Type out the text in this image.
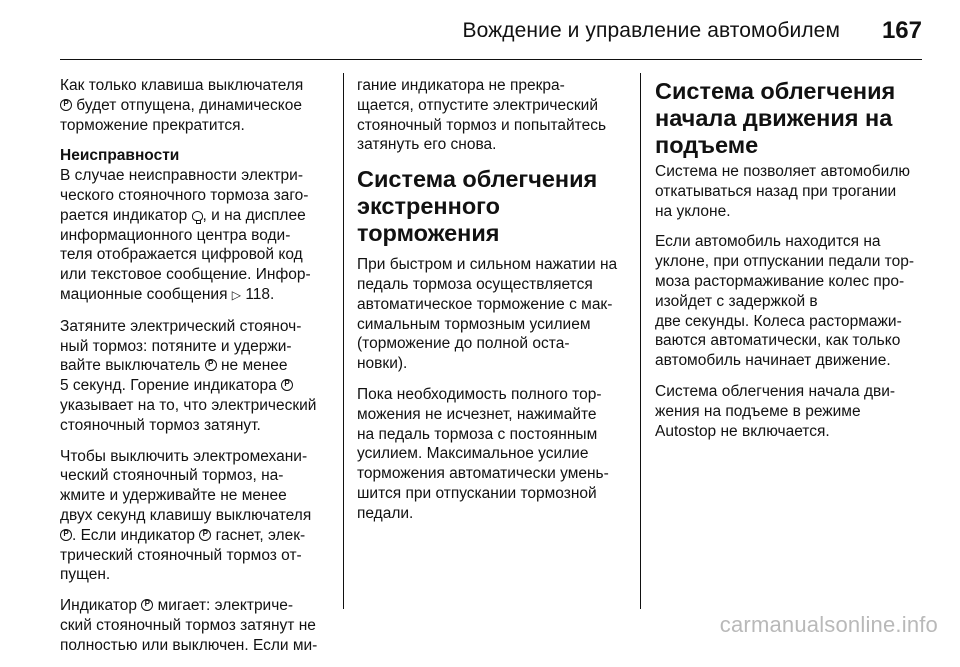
Вождение и управление автомобилем 167

Как только клавиша выключателя
P будет отпущена, динамическое
торможение прекратится.

Неисправности
В случае неисправности электри-
ческого стояночного тормоза заго-
рается индикатор , и на дисплее
информационного центра води-
теля отображается цифровой код
или текстовое сообщение. Инфор-
мационные сообщения ▷ 118.

Затяните электрический стояноч-
ный тормоз: потяните и удержи-
вайте выключатель P не менее
5 секунд. Горение индикатора P
указывает на то, что электрический
стояночный тормоз затянут.

Чтобы выключить электромехани-
ческий стояночный тормоз, на-
жмите и удерживайте не менее
двух секунд клавишу выключателя
P. Если индикатор P гаснет, элек-
трический стояночный тормоз от-
пущен.

Индикатор P мигает: электриче-
ский стояночный тормоз затянут не
полностью или выключен. Если ми-

гание индикатора не прекра-
щается, отпустите электрический
стояночный тормоз и попытайтесь
затянуть его снова.

Система облегчения
экстренного торможения

При быстром и сильном нажатии на
педаль тормоза осуществляется
автоматическое торможение с мак-
симальным тормозным усилием
(торможение до полной оста-
новки).

Пока необходимость полного тор-
можения не исчезнет, нажимайте
на педаль тормоза с постоянным
усилием. Максимальное усилие
торможения автоматически умень-
шится при отпускании тормозной
педали.

Система облегчения
начала движения на
подъеме

Система не позволяет автомобилю
откатываться назад при трогании
на уклоне.

Если автомобиль находится на
уклоне, при отпускании педали тор-
моза растормаживание колес про-
изойдет с задержкой в
две секунды. Колеса растормажи-
ваются автоматически, как только
автомобиль начинает движение.

Система облегчения начала дви-
жения на подъеме в режиме
Autostop не включается.

carmanualsonline.info
